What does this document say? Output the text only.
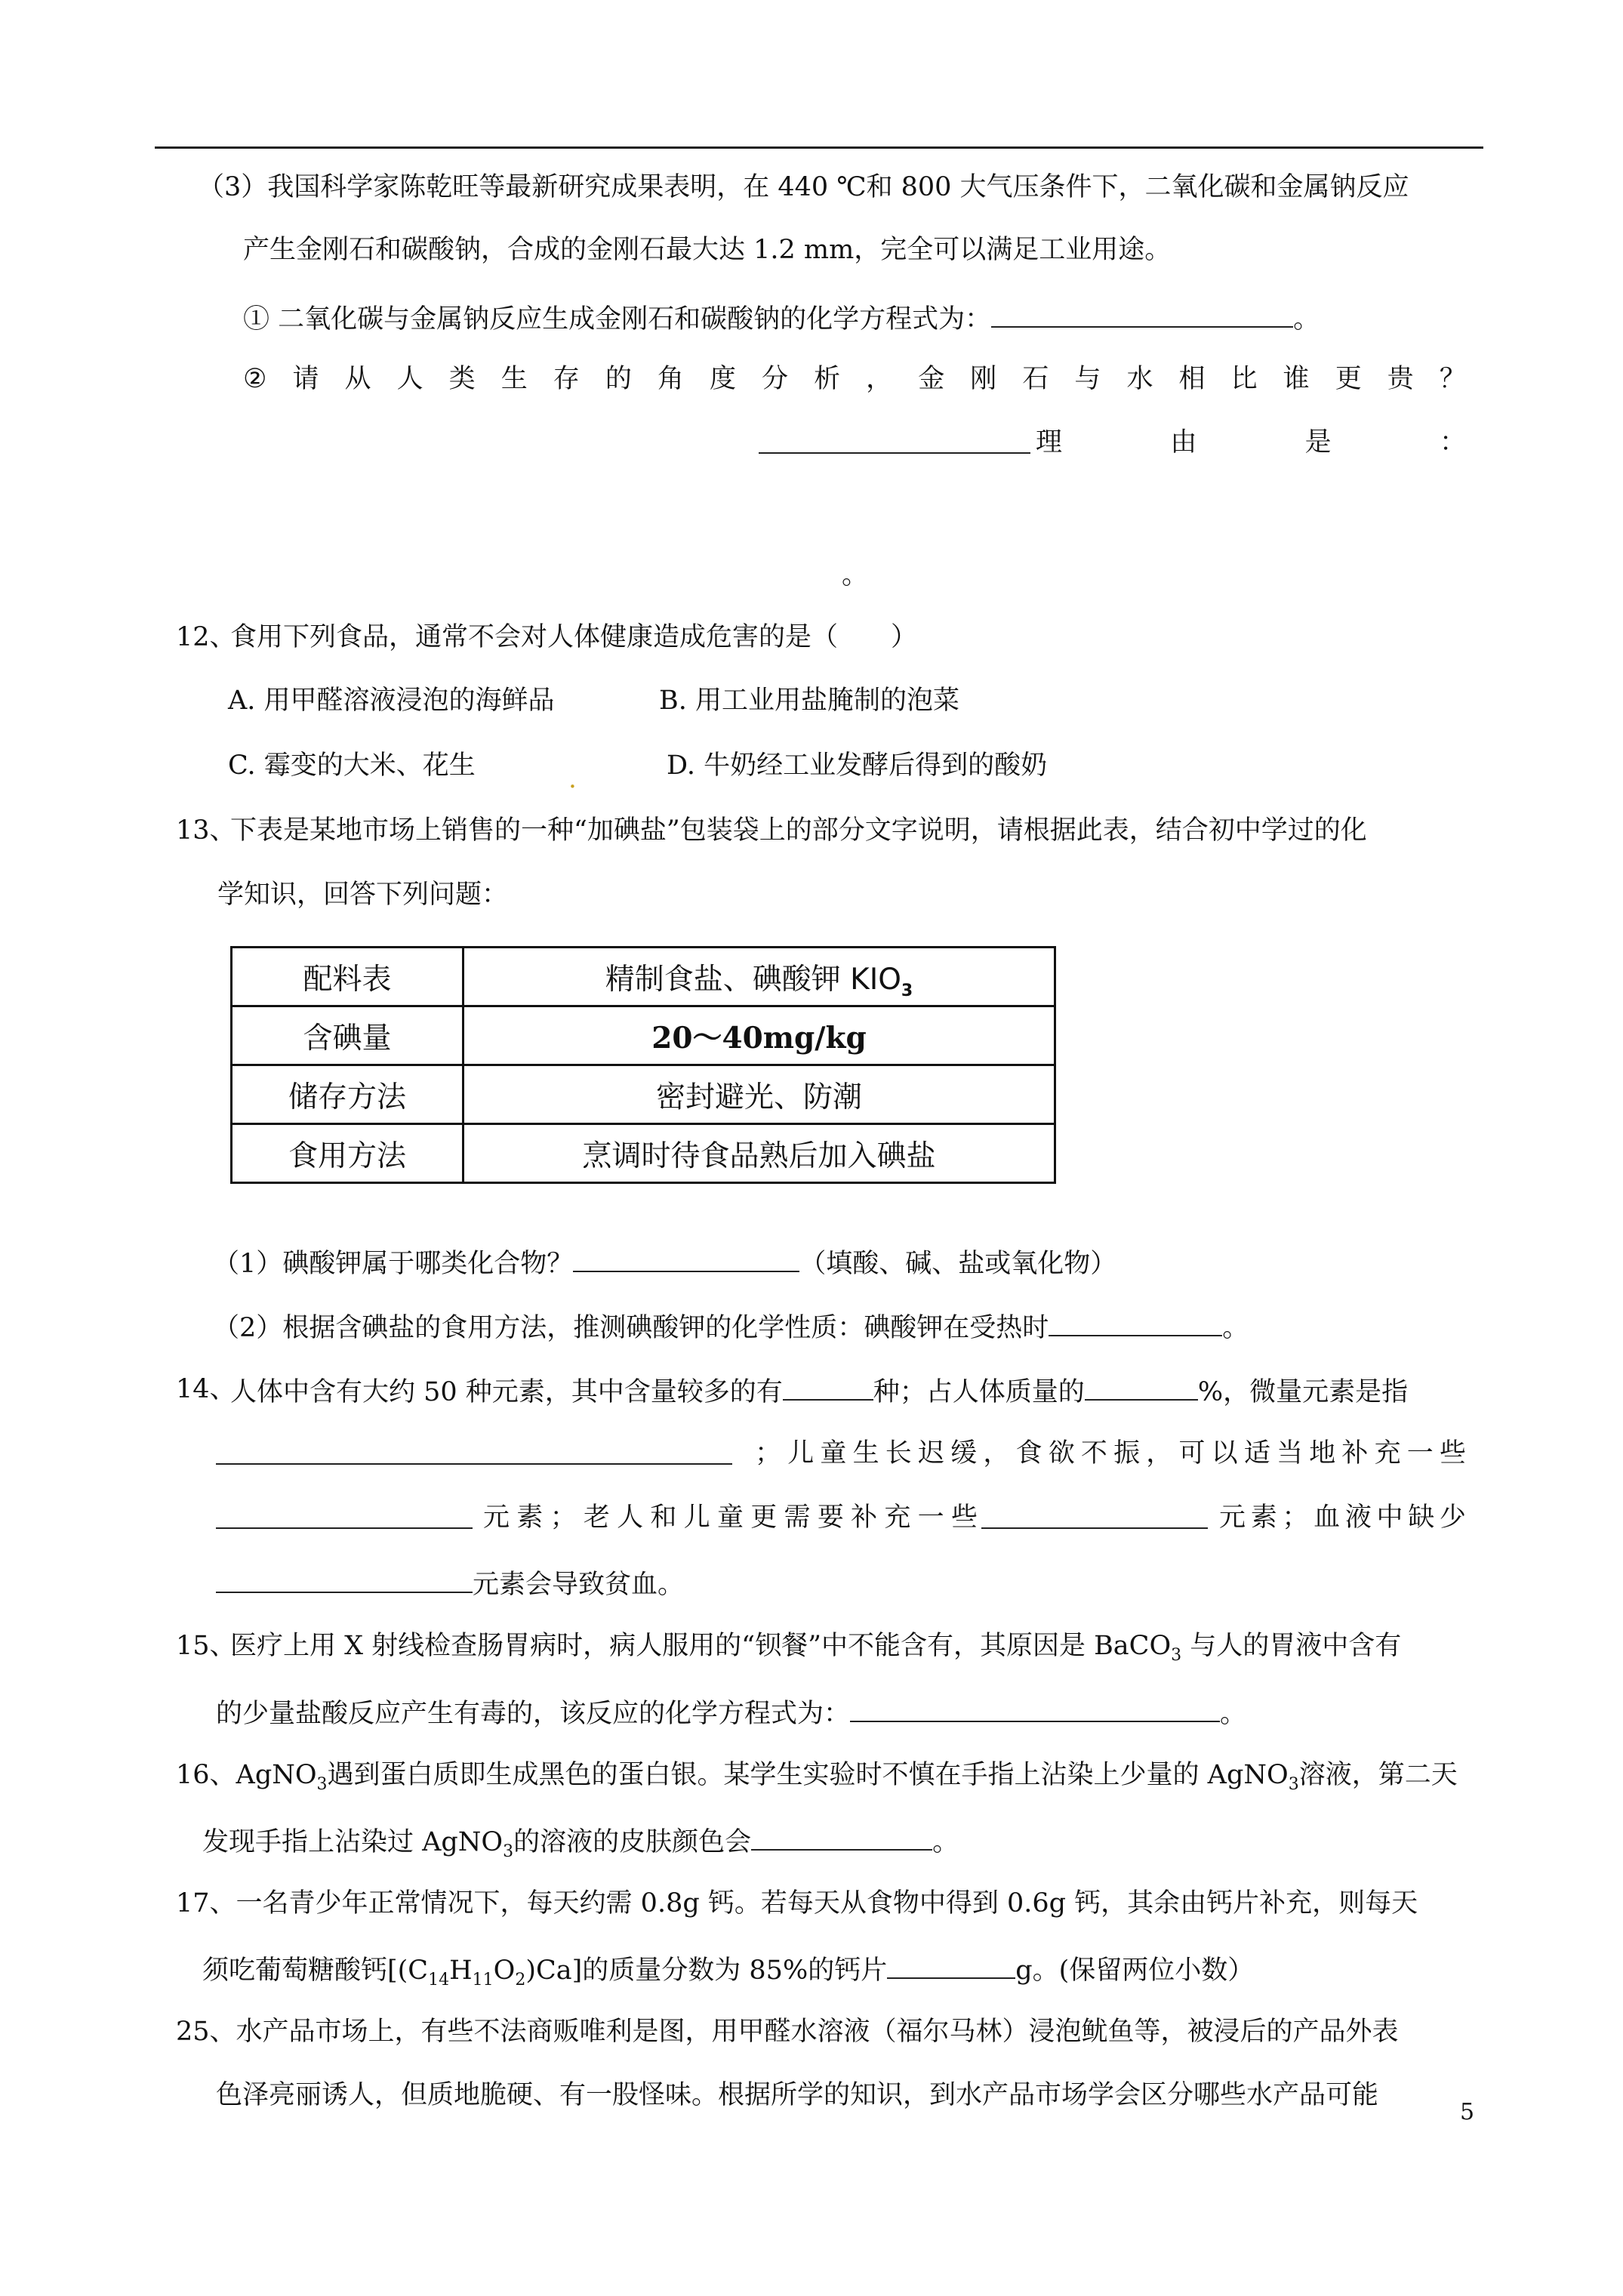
（3）我国科学家陈乾旺等最新研究成果表明，在 440 ℃和 800 大气压条件下，二氧化碳和金属钠反应
产生金刚石和碳酸钠，合成的金刚石最大达 1.2 mm，完全可以满足工业用途。
① 二氧化碳与金属钠反应生成金刚石和碳酸钠的化学方程式为：	。
② 请 从 人 类 生 存 的 角 度 分 析 ， 金 刚 石 与 水 相 比 谁 更 贵 ？
理	由	是	：
。
12、
食用下列食品，通常不会对人体健康造成危害的是（　　）
A. 用甲醛溶液浸泡的海鲜品	B. 用工业用盐腌制的泡菜
C. 霉变的大米、花生	.	D. 牛奶经工业发酵后得到的酸奶
13、
下表是某地市场上销售的一种“加碘盐”包装袋上的部分文字说明，请根据此表，结合初中学过的化
学知识，回答下列问题：
配料表	精制食盐、碘酸钾 $KIO_3$
含碘量	20～40mg/kg
储存方法	密封避光、防潮
食用方法	烹调时待食品熟后加入碘盐
（1）碘酸钾属于哪类化合物？	（填酸、碱、盐或氧化物）
（2）根据含碘盐的食用方法，推测碘酸钾的化学性质：碘酸钾在受热时	。
14、
人体中含有大约 50 种元素，其中含量较多的有	种；占人体质量的	%，微量元素是指
； 儿 童 生 长 迟 缓 ， 食 欲 不 振 ， 可 以 适 当 地 补 充 一 些
元 素 ； 老 人 和 儿 童 更 需 要 补 充 一 些	元 素 ； 血 液 中 缺 少
元素会导致贫血。
15、
医疗上用 X 射线检查肠胃病时，病人服用的“钡餐”中不能含有，其原因是 BaCO$_3$ 与人的胃液中含有
的少量盐酸反应产生有毒的，该反应的化学方程式为：	。
16、AgNO$_3$遇到蛋白质即生成黑色的蛋白银。某学生实验时不慎在手指上沾染上少量的 AgNO$_3$溶液，第二天
发现手指上沾染过 AgNO$_3$的溶液的皮肤颜色会	。
17、一名青少年正常情况下，每天约需 0.8g 钙。若每天从食物中得到 0.6g 钙，其余由钙片补充，则每天
须吃葡萄糖酸钙$[(C_{14}H_{11}O_2)Ca]$的质量分数为 85%的钙片	g。(保留两位小数）
25、水产品市场上，有些不法商贩唯利是图，用甲醛水溶液（福尔马林）浸泡鱿鱼等，被浸后的产品外表
色泽亮丽诱人，但质地脆硬、有一股怪味。根据所学的知识，到水产品市场学会区分哪些水产品可能
5
